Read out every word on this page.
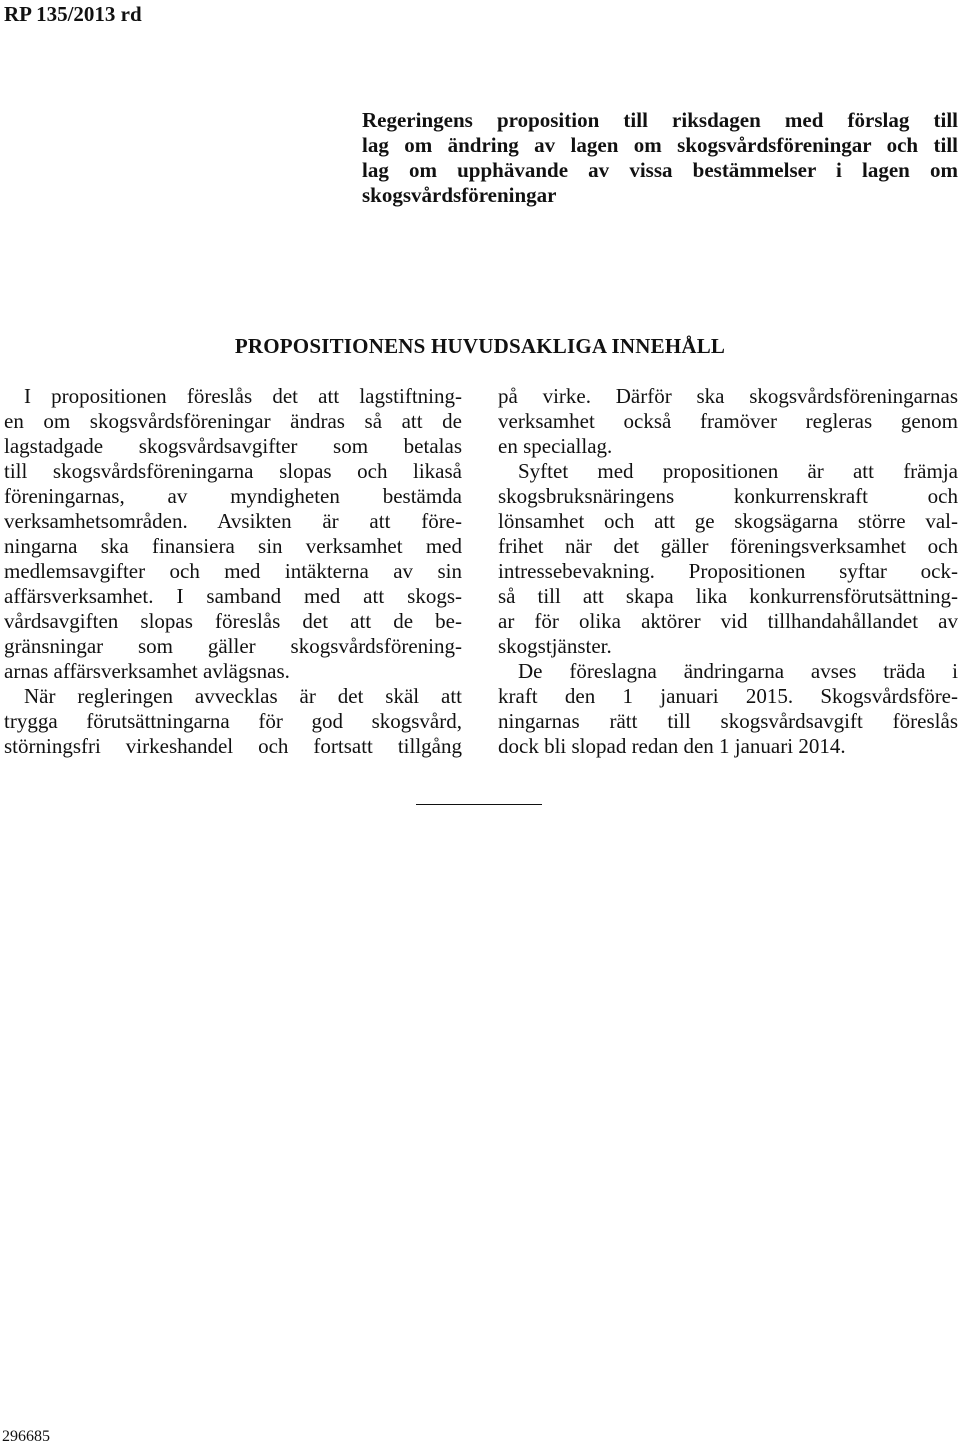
RP 135/2013 rd

Regeringens proposition till riksdagen med förslag till
lag om ändring av lagen om skogsvårdsföreningar och till
lag om upphävande av vissa bestämmelser i lagen om
skogsvårdsföreningar
PROPOSITIONENS HUVUDSAKLIGA INNEHÅLL

I propositionen föreslås det att lagstiftning-
en om skogsvårdsföreningar ändras så att de
lagstadgade skogsvårdsavgifter som betalas
till skogsvårdsföreningarna slopas och likaså
föreningarnas, av myndigheten bestämda
verksamhetsområden. Avsikten är att före-
ningarna ska finansiera sin verksamhet med
medlemsavgifter och med intäkterna av sin
affärsverksamhet. I samband med att skogs-
vårdsavgiften slopas föreslås det att de be-
gränsningar som gäller skogsvårdsförening-
arnas affärsverksamhet avlägsnas.

När regleringen avvecklas är det skäl att
trygga förutsättningarna för god skogsvård,
störningsfri virkeshandel och fortsatt tillgång

på virke. Därför ska skogsvårdsföreningarnas
verksamhet också framöver regleras genom
en speciallag.

Syftet med propositionen är att främja
skogsbruksnäringens konkurrenskraft och
lönsamhet och att ge skogsägarna större val-
frihet när det gäller föreningsverksamhet och
intressebevakning. Propositionen syftar ock-
så till att skapa lika konkurrensförutsättning-
ar för olika aktörer vid tillhandahållandet av
skogstjänster.

De föreslagna ändringarna avses träda i
kraft den 1 januari 2015. Skogsvårdsföre-
ningarnas rätt till skogsvårdsavgift föreslås
dock bli slopad redan den 1 januari 2014.

296685
